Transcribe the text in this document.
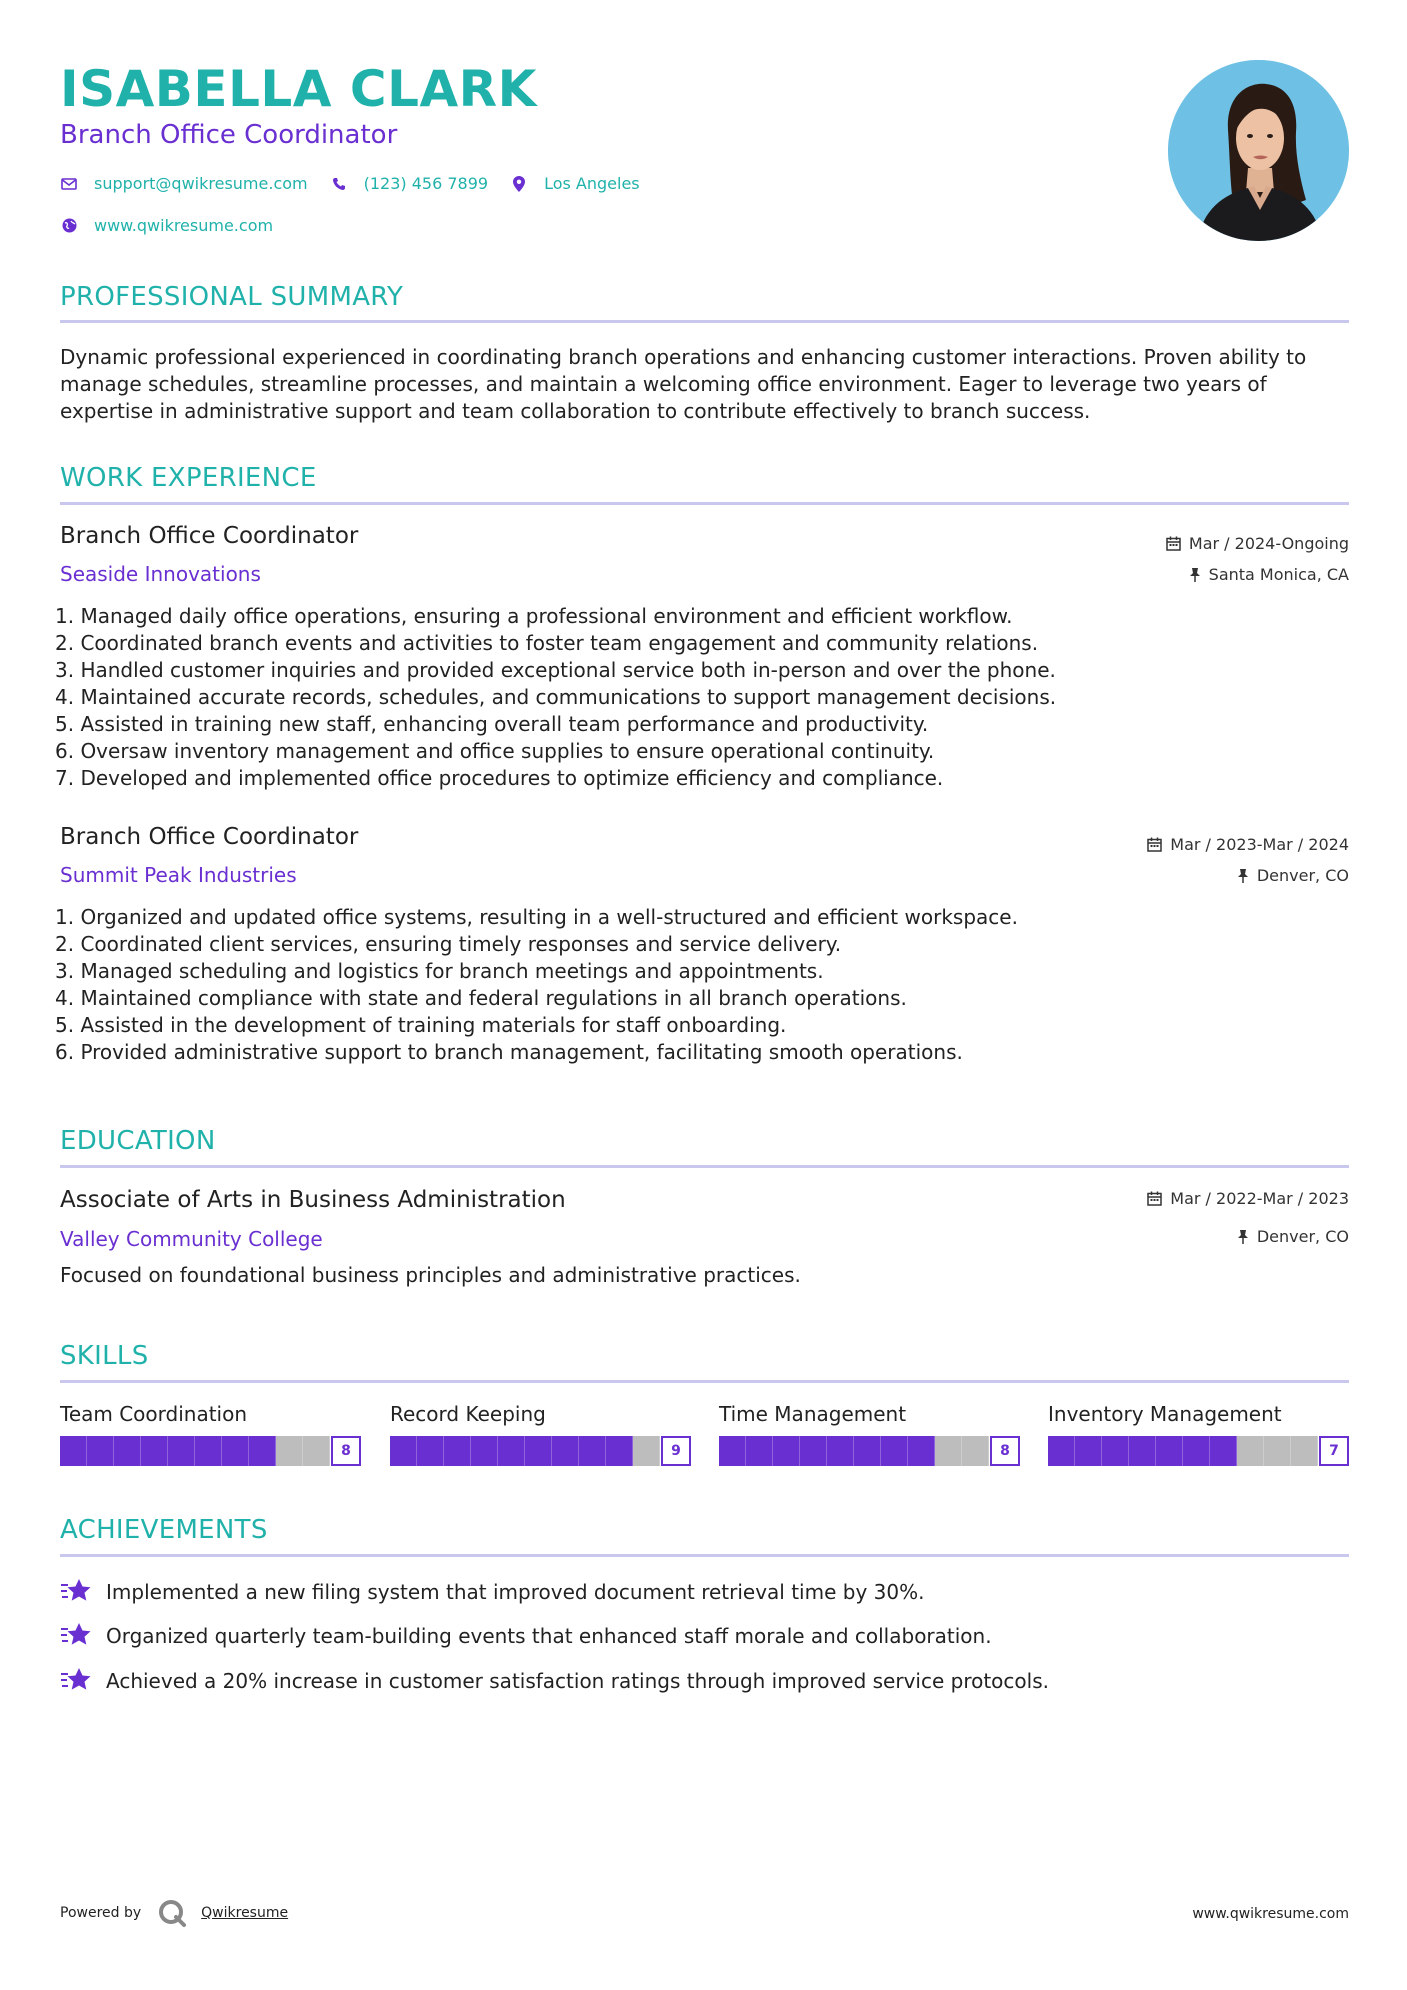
ISABELLA CLARK
Branch Office Coordinator
support@qwikresume.com	(123) 456 7899	Los Angeles
www.qwikresume.com
PROFESSIONAL SUMMARY
Dynamic professional experienced in coordinating branch operations and enhancing customer interactions. Proven ability to manage schedules, streamline processes, and maintain a welcoming office environment. Eager to leverage two years of expertise in administrative support and team collaboration to contribute effectively to branch success.
WORK EXPERIENCE
Branch Office Coordinator
Seaside Innovations
Mar / 2024-Ongoing
Santa Monica, CA
1. Managed daily office operations, ensuring a professional environment and efficient workflow.
2. Coordinated branch events and activities to foster team engagement and community relations.
3. Handled customer inquiries and provided exceptional service both in-person and over the phone.
4. Maintained accurate records, schedules, and communications to support management decisions.
5. Assisted in training new staff, enhancing overall team performance and productivity.
6. Oversaw inventory management and office supplies to ensure operational continuity.
7. Developed and implemented office procedures to optimize efficiency and compliance.
Branch Office Coordinator
Summit Peak Industries
Mar / 2023-Mar / 2024
Denver, CO
1. Organized and updated office systems, resulting in a well-structured and efficient workspace.
2. Coordinated client services, ensuring timely responses and service delivery.
3. Managed scheduling and logistics for branch meetings and appointments.
4. Maintained compliance with state and federal regulations in all branch operations.
5. Assisted in the development of training materials for staff onboarding.
6. Provided administrative support to branch management, facilitating smooth operations.
EDUCATION
Associate of Arts in Business Administration
Valley Community College
Mar / 2022-Mar / 2023
Denver, CO
Focused on foundational business principles and administrative practices.
SKILLS
Team Coordination
8
Record Keeping
9
Time Management
8
Inventory Management
7
ACHIEVEMENTS
Implemented a new filing system that improved document retrieval time by 30%.
Organized quarterly team-building events that enhanced staff morale and collaboration.
Achieved a 20% increase in customer satisfaction ratings through improved service protocols.
Powered by	Qwikresume	www.qwikresume.com
